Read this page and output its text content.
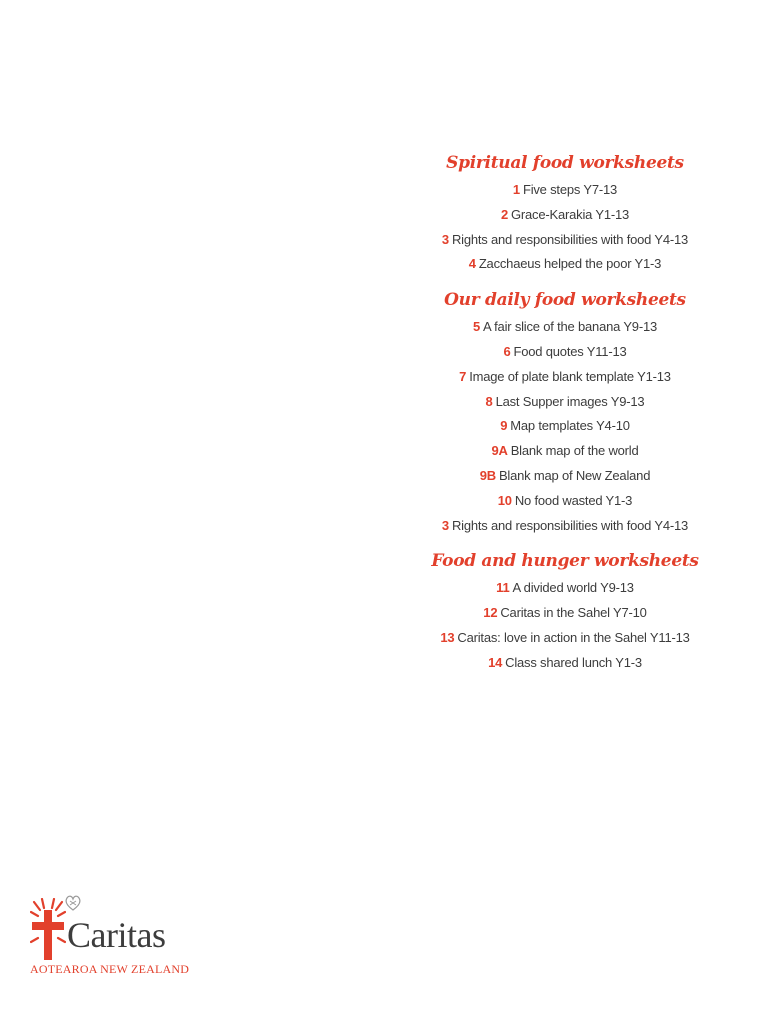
Spiritual food worksheets
1 Five steps Y7-13
2 Grace-Karakia Y1-13
3 Rights and responsibilities with food Y4-13
4 Zacchaeus helped the poor Y1-3
Our daily food worksheets
5 A fair slice of the banana Y9-13
6 Food quotes Y11-13
7 Image of plate blank template Y1-13
8 Last Supper images Y9-13
9 Map templates Y4-10
9A Blank map of the world
9B Blank map of New Zealand
10 No food wasted Y1-3
3 Rights and responsibilities with food Y4-13
Food and hunger worksheets
11 A divided world Y9-13
12 Caritas in the Sahel Y7-10
13 Caritas: love in action in the Sahel Y11-13
14 Class shared lunch Y1-3
Caritas
AOTEAROA NEW ZEALAND
